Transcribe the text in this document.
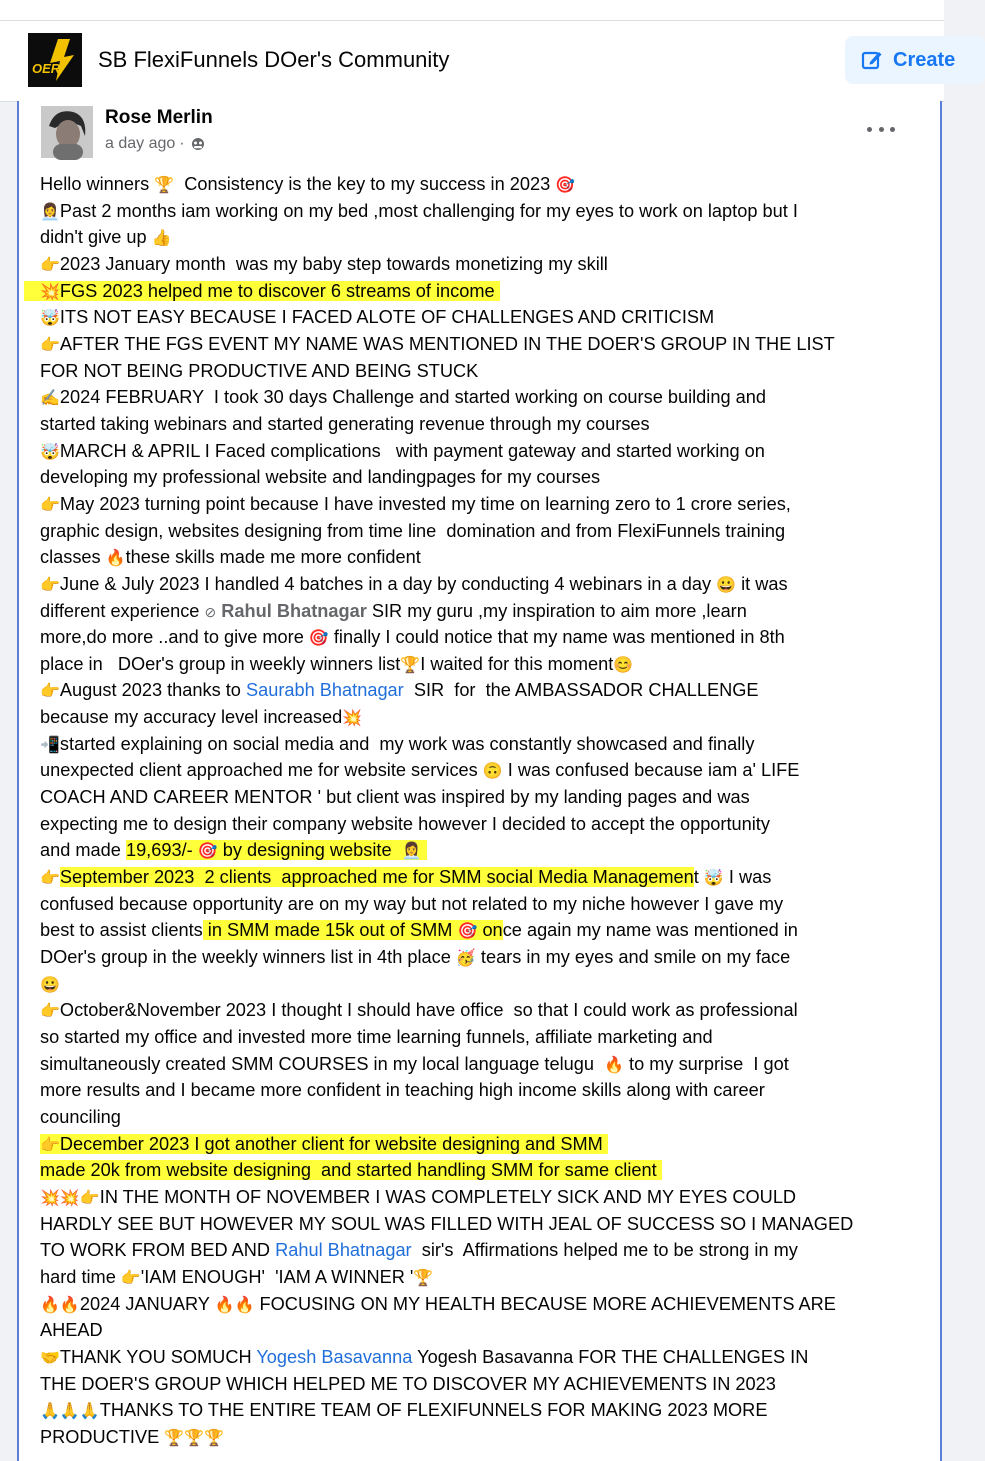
OER SB FlexiFunnels DOer's Community	Create
Rose Merlin
a day ago ·
Hello winners 🏆  Consistency is the key to my success in 2023 🎯
👩‍💼Past 2 months iam working on my bed ,most challenging for my eyes to work on laptop but I
didn't give up 👍
👉2023 January month  was my baby step towards monetizing my skill
💥FGS 2023 helped me to discover 6 streams of income
🤯ITS NOT EASY BECAUSE I FACED ALOTE OF CHALLENGES AND CRITICISM
👉AFTER THE FGS EVENT MY NAME WAS MENTIONED IN THE DOER'S GROUP IN THE LIST
FOR NOT BEING PRODUCTIVE AND BEING STUCK
✍️2024 FEBRUARY  I took 30 days Challenge and started working on course building and
started taking webinars and started generating revenue through my courses
🤯MARCH & APRIL I Faced complications   with payment gateway and started working on
developing my professional website and landingpages for my courses
👉May 2023 turning point because I have invested my time on learning zero to 1 crore series,
graphic design, websites designing from time line  domination and from FlexiFunnels training
classes 🔥these skills made me more confident
👉June & July 2023 I handled 4 batches in a day by conducting 4 webinars in a day 😀 it was
different experience ⊘ Rahul Bhatnagar SIR my guru ,my inspiration to aim more ,learn
more,do more ..and to give more 🎯 finally I could notice that my name was mentioned in 8th
place in   DOer's group in weekly winners list🏆I waited for this moment😊
👉August 2023 thanks to Saurabh Bhatnagar  SIR  for  the AMBASSADOR CHALLENGE
because my accuracy level increased💥
📲started explaining on social media and  my work was constantly showcased and finally
unexpected client approached me for website services 🙃 I was confused because iam a' LIFE
COACH AND CAREER MENTOR ' but client was inspired by my landing pages and was
expecting me to design their company website however I decided to accept the opportunity
and made 19,693/- 🎯 by designing website  👩‍💼
👉September 2023  2 clients  approached me for SMM social Media Management 🤯 I was
confused because opportunity are on my way but not related to my niche however I gave my
best to assist clients in SMM made 15k out of SMM 🎯 once again my name was mentioned in
DOer's group in the weekly winners list in 4th place 🥳 tears in my eyes and smile on my face
😀
👉October&November 2023 I thought I should have office  so that I could work as professional
so started my office and invested more time learning funnels, affiliate marketing and
simultaneously created SMM COURSES in my local language telugu  🔥 to my surprise  I got
more results and I became more confident in teaching high income skills along with career
counciling
👉December 2023 I got another client for website designing and SMM
made 20k from website designing  and started handling SMM for same client
💥💥👉IN THE MONTH OF NOVEMBER I WAS COMPLETELY SICK AND MY EYES COULD
HARDLY SEE BUT HOWEVER MY SOUL WAS FILLED WITH JEAL OF SUCCESS SO I MANAGED
TO WORK FROM BED AND Rahul Bhatnagar  sir's  Affirmations helped me to be strong in my
hard time 👉'IAM ENOUGH'  'IAM A WINNER '🏆
🔥🔥2024 JANUARY 🔥🔥 FOCUSING ON MY HEALTH BECAUSE MORE ACHIEVEMENTS ARE
AHEAD
🤝THANK YOU SOMUCH Yogesh Basavanna Yogesh Basavanna FOR THE CHALLENGES IN
THE DOER'S GROUP WHICH HELPED ME TO DISCOVER MY ACHIEVEMENTS IN 2023
🙏🙏🙏THANKS TO THE ENTIRE TEAM OF FLEXIFUNNELS FOR MAKING 2023 MORE
PRODUCTIVE 🏆🏆🏆
